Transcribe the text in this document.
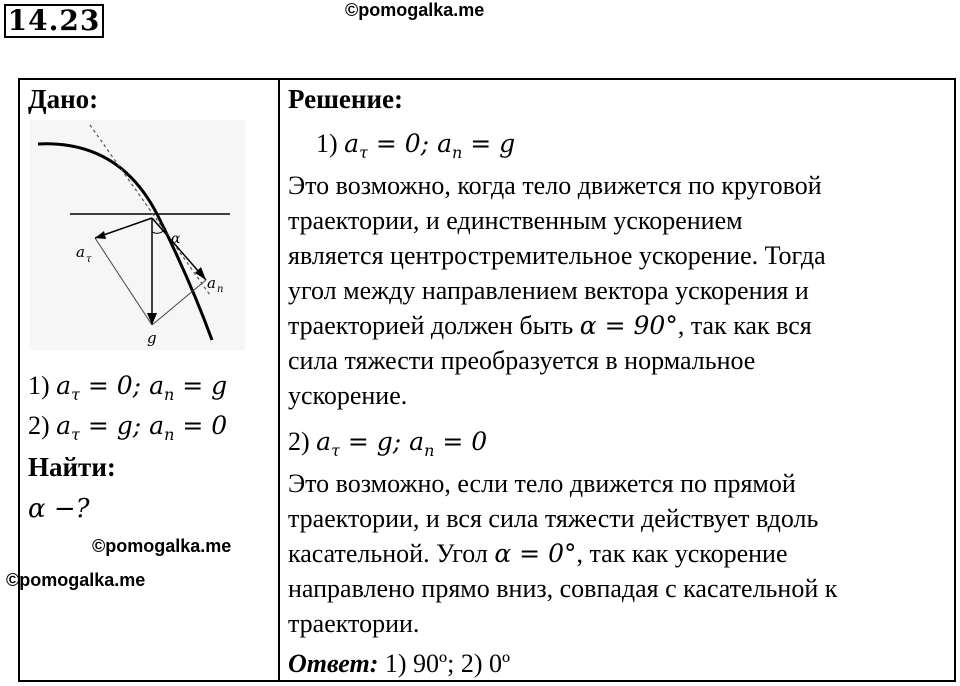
14.23	©pomogalka.me
Дано:
α
a τ
a n
g
1) $a_\tau = 0$; $a_n = g$
2) $a_\tau = g$; $a_n = 0$
Найти:
α −?
©pomogalka.me

Решение:
1) $a_\tau = 0$; $a_n = g$
Это возможно, когда тело движется по круговой
траектории, и единственным ускорением
является центростремительное ускорение. Тогда
угол между направлением вектора ускорения и
траекторией должен быть α = 90°, так как вся
сила тяжести преобразуется в нормальное
ускорение.
2) $a_\tau = g$; $a_n = 0$
Это возможно, если тело движется по прямой
траектории, и вся сила тяжести действует вдоль
касательной. Угол α = 0°, так как ускорение
направлено прямо вниз, совпадая с касательной к
траектории.
Ответ: 1) 90º; 2) 0º
©pomogalka.me
